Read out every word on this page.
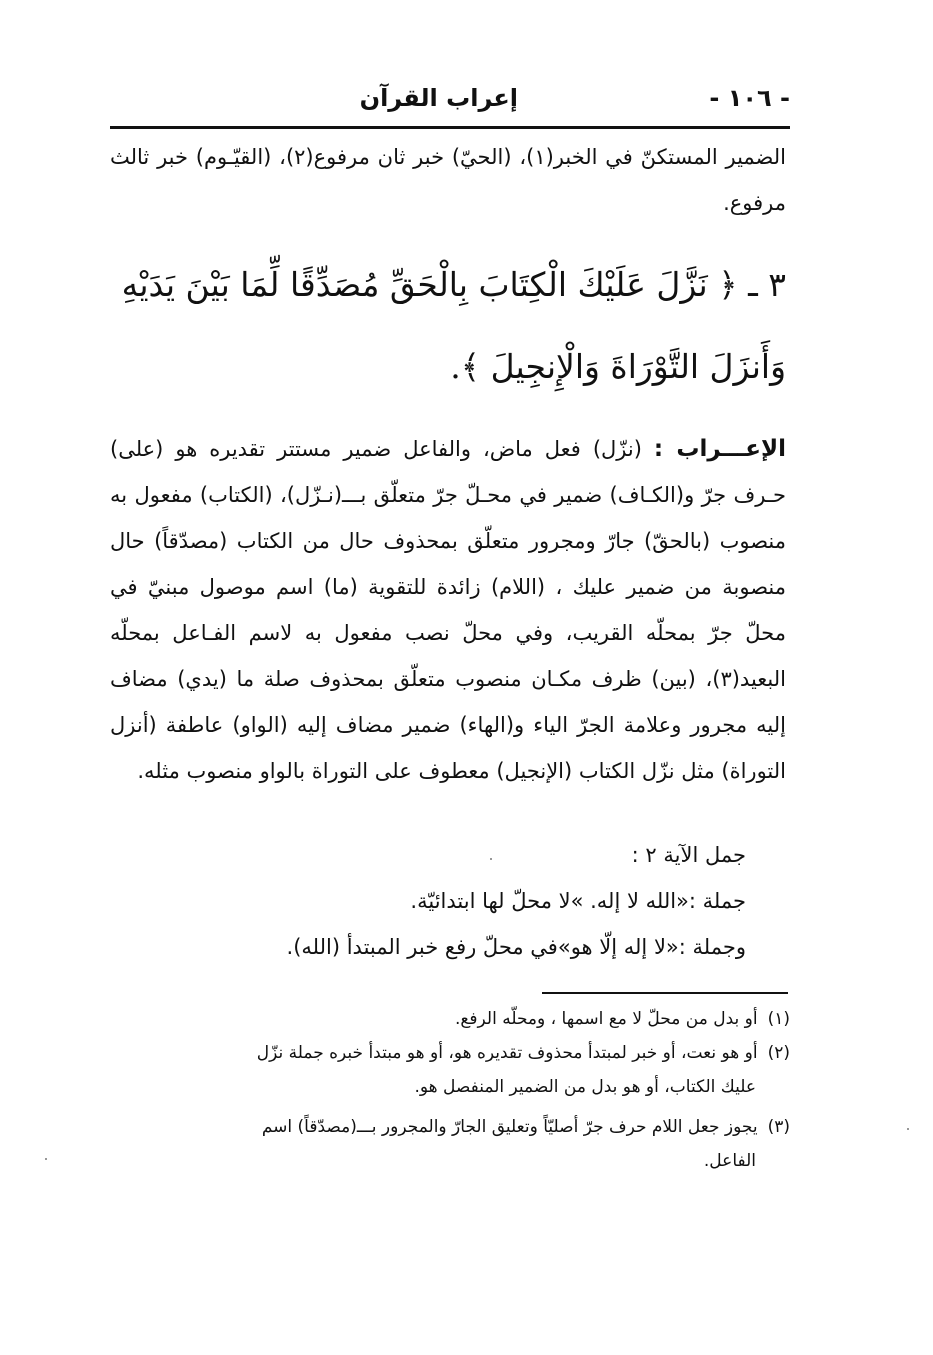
- ١٠٦ -
إعراب القرآن

الضمير المستكنّ في الخبر(١)، (الحيّ) خبر ثان مرفوع(٢)، (القيّـوم) خبر ثالث مرفوع.

٣ ـ ﴿ نَزَّلَ عَلَيْكَ الْكِتَابَ بِالْحَقِّ مُصَدِّقًا لِّمَا بَيْنَ يَدَيْهِ وَأَنزَلَ التَّوْرَاةَ وَالْإِنجِيلَ ﴾.

الإعـــراب : (نزّل) فعل ماض، والفاعل ضمير مستتر تقديره هو (على) حـرف جرّ و(الكـاف) ضمير في محـلّ جرّ متعلّق بـــ(نـزّل)، (الكتاب) مفعول به منصوب (بالحقّ) جارّ ومجرور متعلّق بمحذوف حال من الكتاب (مصدّقاً) حال منصوبة من ضمير عليك ، (اللام) زائدة للتقوية (ما) اسم موصول مبنيّ في محلّ جرّ بمحلّه القريب، وفي محلّ نصب مفعول به لاسم الفـاعل بمحلّه البعيد(٣)، (بين) ظرف مكـان منصوب متعلّق بمحذوف صلة ما (يدي) مضاف إليه مجرور وعلامة الجرّ الياء و(الهاء) ضمير مضاف إليه (الواو) عاطفة (أنزل التوراة) مثل نزّل الكتاب (الإنجيل) معطوف على التوراة بالواو منصوب مثله.

جمل الآية ٢ :
جملة :«الله لا إله. »لا محلّ لها ابتدائيّة.
وجملة :«لا إله إلّا هو»في محلّ رفع خبر المبتدأ (الله).
(١)أو بدل من محلّ لا مع اسمها ، ومحلّه الرفع.
(٢)أو هو نعت، أو خبر لمبتدأ محذوف تقديره هو، أو هو مبتدأ خبره جملة نزّل
عليك الكتاب، أو هو بدل من الضمير المنفصل هو.
(٣)يجوز جعل اللام حرف جرّ أصليّاً وتعليق الجارّ والمجرور بـــ(مصدّقاً) اسم
الفاعل.
